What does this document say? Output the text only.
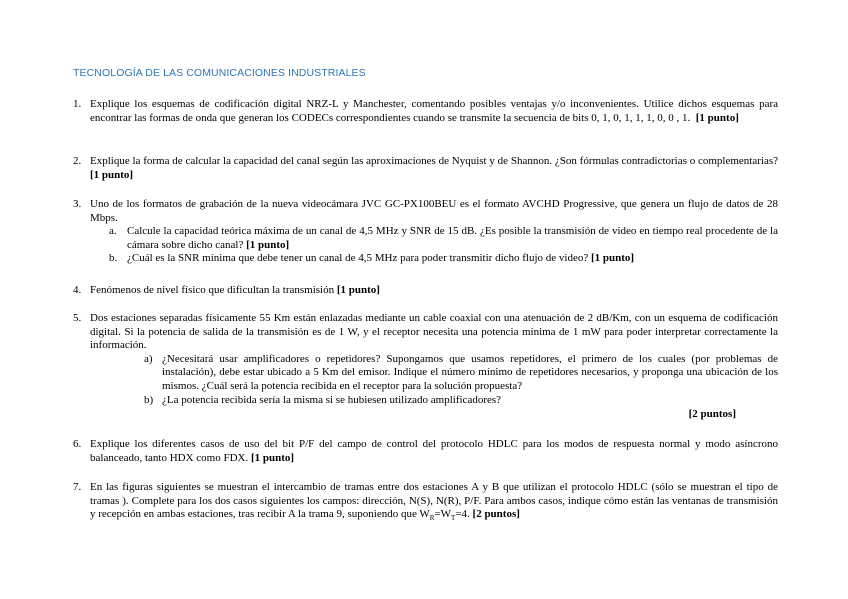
TECNOLOGÍA DE LAS COMUNICACIONES INDUSTRIALES
1. Explique los esquemas de codificación digital NRZ-L y Manchester, comentando posibles ventajas y/o inconvenientes. Utilice dichos esquemas para encontrar las formas de onda que generan los CODECs correspondientes cuando se transmite la secuencia de bits 0, 1, 0, 1, 1, 1, 0, 0 , 1. [1 punto]
2. Explique la forma de calcular la capacidad del canal según las aproximaciones de Nyquist y de Shannon. ¿Son fórmulas contradictorias o complementarias? [1 punto]
3. Uno de los formatos de grabación de la nueva videocámara JVC GC-PX100BEU es el formato AVCHD Progressive, que genera un flujo de datos de 28 Mbps.
a. Calcule la capacidad teórica máxima de un canal de 4,5 MHz y SNR de 15 dB. ¿Es posible la transmisión de video en tiempo real procedente de la cámara sobre dicho canal? [1 punto]
b. ¿Cuál es la SNR mínima que debe tener un canal de 4,5 MHz para poder transmitir dicho flujo de video? [1 punto]
4. Fenómenos de nivel físico que dificultan la transmisión [1 punto]
5. Dos estaciones separadas físicamente 55 Km están enlazadas mediante un cable coaxial con una atenuación de 2 dB/Km, con un esquema de codificación digital. Si la potencia de salida de la transmisión es de 1 W, y el receptor necesita una potencia mínima de 1 mW para poder interpretar correctamente la información.
a) ¿Necesitará usar amplificadores o repetidores? Supongamos que usamos repetidores, el primero de los cuales (por problemas de instalación), debe estar ubicado a 5 Km del emisor. Indique el número mínimo de repetidores necesarios, y proponga una ubicación de los mismos. ¿Cuál será la potencia recibida en el receptor para la solución propuesta?
b) ¿La potencia recibida sería la misma si se hubiesen utilizado amplificadores?
[2 puntos]
6. Explique los diferentes casos de uso del bit P/F del campo de control del protocolo HDLC para los modos de respuesta normal y modo asíncrono balanceado, tanto HDX como FDX. [1 punto]
7. En las figuras siguientes se muestran el intercambio de tramas entre dos estaciones A y B que utilizan el protocolo HDLC (sólo se muestran el tipo de tramas ). Complete para los dos casos siguientes los campos: dirección, N(S), N(R), P/F. Para ambos casos, indique cómo están las ventanas de transmisión y recepción en ambas estaciones, tras recibir A la trama 9, suponiendo que $W_R=W_T=4$. [2 puntos]
